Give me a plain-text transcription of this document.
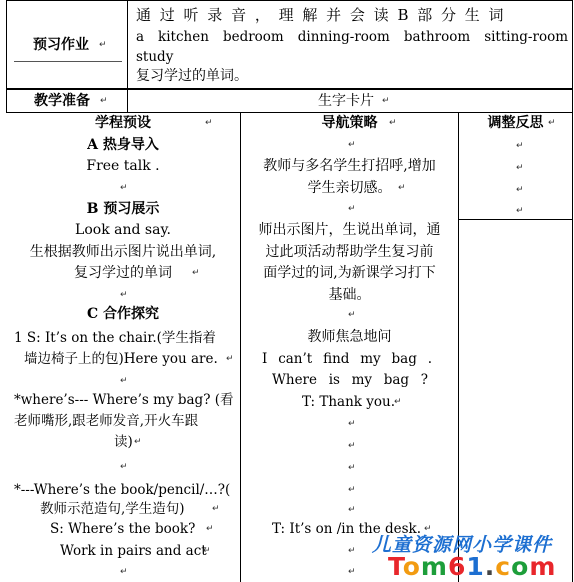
预习作业
↵
通 过 听 录 音 ， 理 解 并 会 读 B 部 分 生 词
a kitchen bedroom dinning-room bathroom sitting-room
study
复习学过的单词。
教学准备
↵	生字卡片
↵
学程预设	导航策略	调整反思
↵
↵
↵
A 热身导入
Free talk .
↵
B 预习展示
Look and say.
生根据教师出示图片说出单词,
复习学过的单词
↵
↵
C 合作探究
1 S: It’s on the chair.(学生指着
墙边椅子上的包)Here you are.
↵
↵
*where’s--- Where’s my bag? (看
老师嘴形,跟老师发音,开火车跟
读)
↵
↵
*---Where’s the book/pencil/…?(
教师示范造句,学生造句)
↵
S: Where’s the book?
↵
Work in pairs and act
↵
↵
↵
教师与多名学生打招呼,增加
学生亲切感。
↵
↵
师出示图片，生说出单词，通
过此项活动帮助学生复习前
面学过的词,为新课学习打下
基础。
↵
教师焦急地问
I can’t find my bag .
Where is my bag ?
T: Thank you.
↵
↵
↵
↵
↵
↵
T: It’s on /in the desk.
↵
↵
↵
↵
↵
↵
↵
儿童资源网小学课件
Tom61.com
